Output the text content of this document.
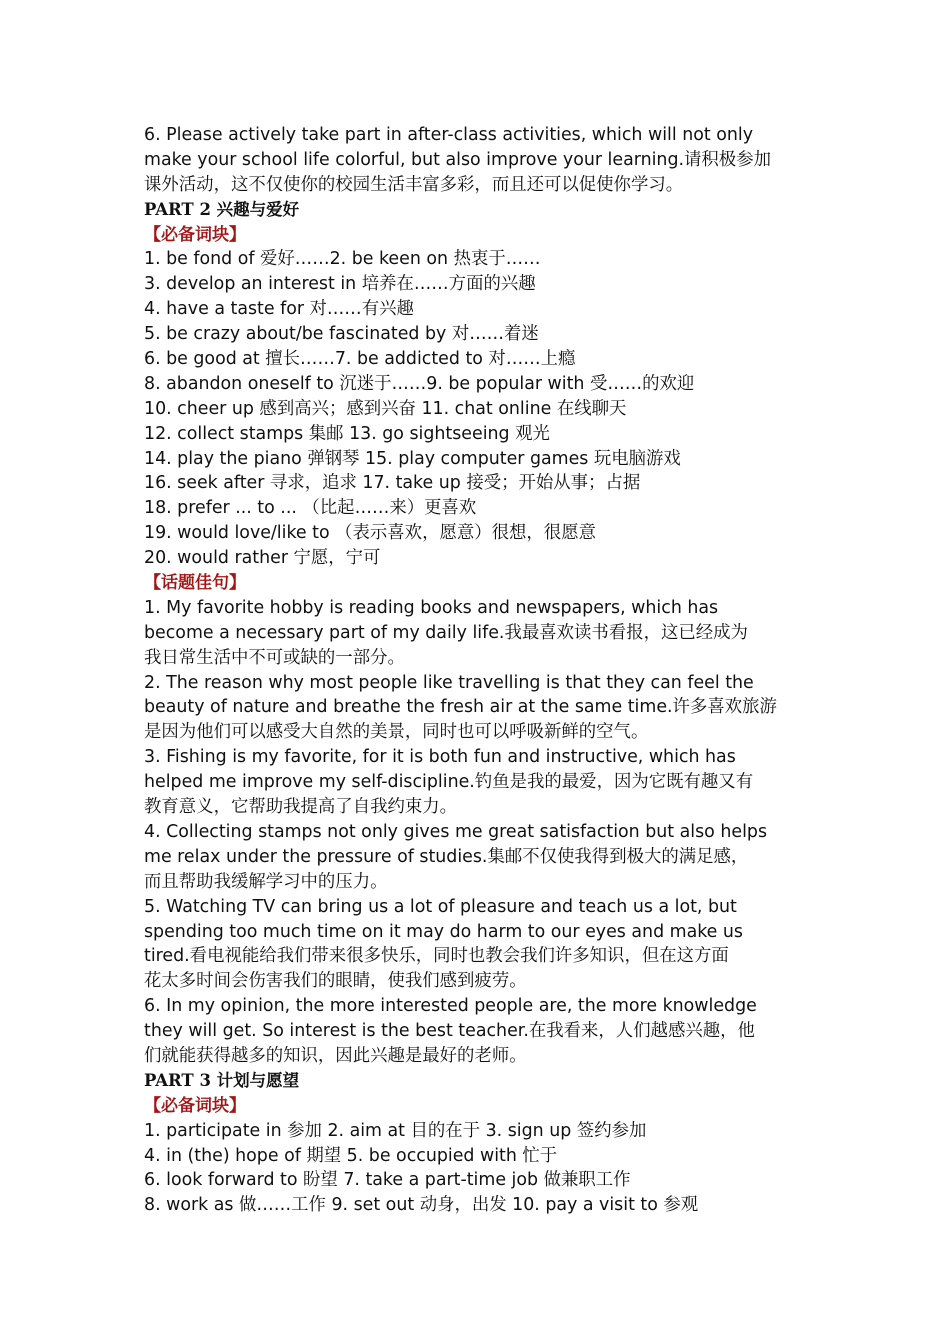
6. Please actively take part in after-class activities, which will not only
make your school life colorful, but also improve your learning.请积极参加
课外活动，这不仅使你的校园生活丰富多彩，而且还可以促使你学习。
PART 2 兴趣与爱好
【必备词块】
1. be fond of 爱好……2. be keen on 热衷于……
3. develop an interest in 培养在……方面的兴趣
4. have a taste for 对……有兴趣
5. be crazy about/be fascinated by 对……着迷
6. be good at 擅长……7. be addicted to 对……上瘾
8. abandon oneself to 沉迷于……9. be popular with 受……的欢迎
10. cheer up 感到高兴；感到兴奋 11. chat online 在线聊天
12. collect stamps 集邮 13. go sightseeing 观光
14. play the piano 弹钢琴 15. play computer games 玩电脑游戏
16. seek after 寻求，追求 17. take up 接受；开始从事；占据
18. prefer ... to ... （比起……来）更喜欢
19. would love/like to （表示喜欢，愿意）很想，很愿意
20. would rather 宁愿，宁可
【话题佳句】
1. My favorite hobby is reading books and newspapers, which has
become a necessary part of my daily life.我最喜欢读书看报，这已经成为
我日常生活中不可或缺的一部分。
2. The reason why most people like travelling is that they can feel the
beauty of nature and breathe the fresh air at the same time.许多喜欢旅游
是因为他们可以感受大自然的美景，同时也可以呼吸新鲜的空气。
3. Fishing is my favorite, for it is both fun and instructive, which has
helped me improve my self-discipline.钓鱼是我的最爱，因为它既有趣又有
教育意义，它帮助我提高了自我约束力。
4. Collecting stamps not only gives me great satisfaction but also helps
me relax under the pressure of studies.集邮不仅使我得到极大的满足感，
而且帮助我缓解学习中的压力。
5. Watching TV can bring us a lot of pleasure and teach us a lot, but
spending too much time on it may do harm to our eyes and make us
tired.看电视能给我们带来很多快乐，同时也教会我们许多知识，但在这方面
花太多时间会伤害我们的眼睛，使我们感到疲劳。
6. In my opinion, the more interested people are, the more knowledge
they will get. So interest is the best teacher.在我看来，人们越感兴趣，他
们就能获得越多的知识，因此兴趣是最好的老师。
PART 3 计划与愿望
【必备词块】
1. participate in 参加 2. aim at 目的在于 3. sign up 签约参加
4. in (the) hope of 期望 5. be occupied with 忙于
6. look forward to 盼望 7. take a part-time job 做兼职工作
8. work as 做……工作 9. set out 动身，出发 10. pay a visit to 参观
